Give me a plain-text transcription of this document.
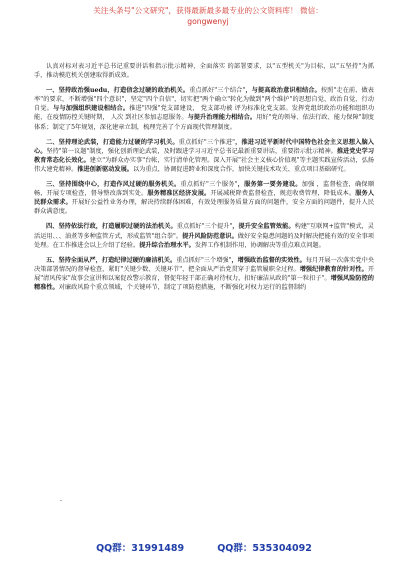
关注头条号"公文研究"，获得最新最多最专业的公文资料库！ 微信：
gongwenyj

认真对标对表习近平总书记重要讲话和指示批示精神，全面落实 的部署要求，以"五型机关"为目标，以"五坚持"为抓手，推动模范机关创建取得新成效。

一、坚持政治强uedu，打造信念过硬的政治机关。重点抓好"三个结合"，与提高政治意识相结合。按照"走在前、做表率"的要求，不断增强"四个意识"，坚定"四个自信"，切实把"两个确立"转化为做到"两个维护"的思想自觉、政治自觉、行动自觉。与与加强组织建设相结合。推进"四强"党支部建设， 党支部功被 评为标准化党支部。发挥党组织政治功能和组织功能，在疫情防控关键时期， 人次 到社区参加志愿服务。与提升治理能力相结合。用好"党的领导、依法行政、能力保障"制度体系；制定了5年规划，深化建章立制，梳理完善了个方面现代管理制度。

二、坚持理论武装，打造能力过硬的学习机关。重点抓好"三个推进"，推进习近平新时代中国特色社会主义思想入脑入心。坚持"第一议题"制度，强化创新理论武装，及时跟进学习习近平总书记最新重要讲话，重要指示批示精神。推进党史学习教育常态化长效化。建立"为群众办实事"台帐，实行清单化管理。深入开展"社会主义核心价值观"等主题实践宣传活动，弘扬伟大建党精神。推进创新驱动发展。以为重点，协调促进跨业和深度合作，加快关键技术攻关、重点项目基础研究。

三、坚持围绕中心，打造作风过硬的服务机关。重点抓好"三个服务"，服务第一要务建设。加强 ，监督检查，确保顺畅，开展专项检查，督导整改落到实处。服务精准区经济发展。开展减税降费监督检查，规范收费管理，降低成本。服务人民群众需求。开展好公益性业务办理，解决持续群体困难，有效处理服务质量方面的问题件，安全方面的问题件，提升人民群众满意度。

四、坚持依法行政，打造履职过硬的法治机关。重点抓好"三个提升"，提升安全监管效能。构建"互联网+监管"模式，灵活运用、、、油煮等多种监管方式，形成监管"组合拳"。提升风险防范意识。做好安全隐患问题的及时解决把能有效的安全事项处理。在工作推进会以上介绍了经验。提升综合治理水平。发挥工作机制作用，协调解决等重点难点问题。

五、坚持全面从严，打造纪律过硬的廉洁机关。重点抓好"三个增强"，增强政治监督的实效性。每月开展一次落实党中央决策部署情况的督导检查，紧盯"关键少数、关键环节"，把全面从严治党贯穿于监管履职全过程。增强纪律教育的针对性。开展"清风传家"故事会宣讲和以案促改警示教育，督促年轻干部正确对待权力，扣好廉洁从政的"第一粒扣子"。增强风险防控的精准性。对廉政风险个重点领域，个关键环节，制定了项防控措施，不断强化对权力运行的监督制约

-
QQ群：31991489	QQ群：535304092
